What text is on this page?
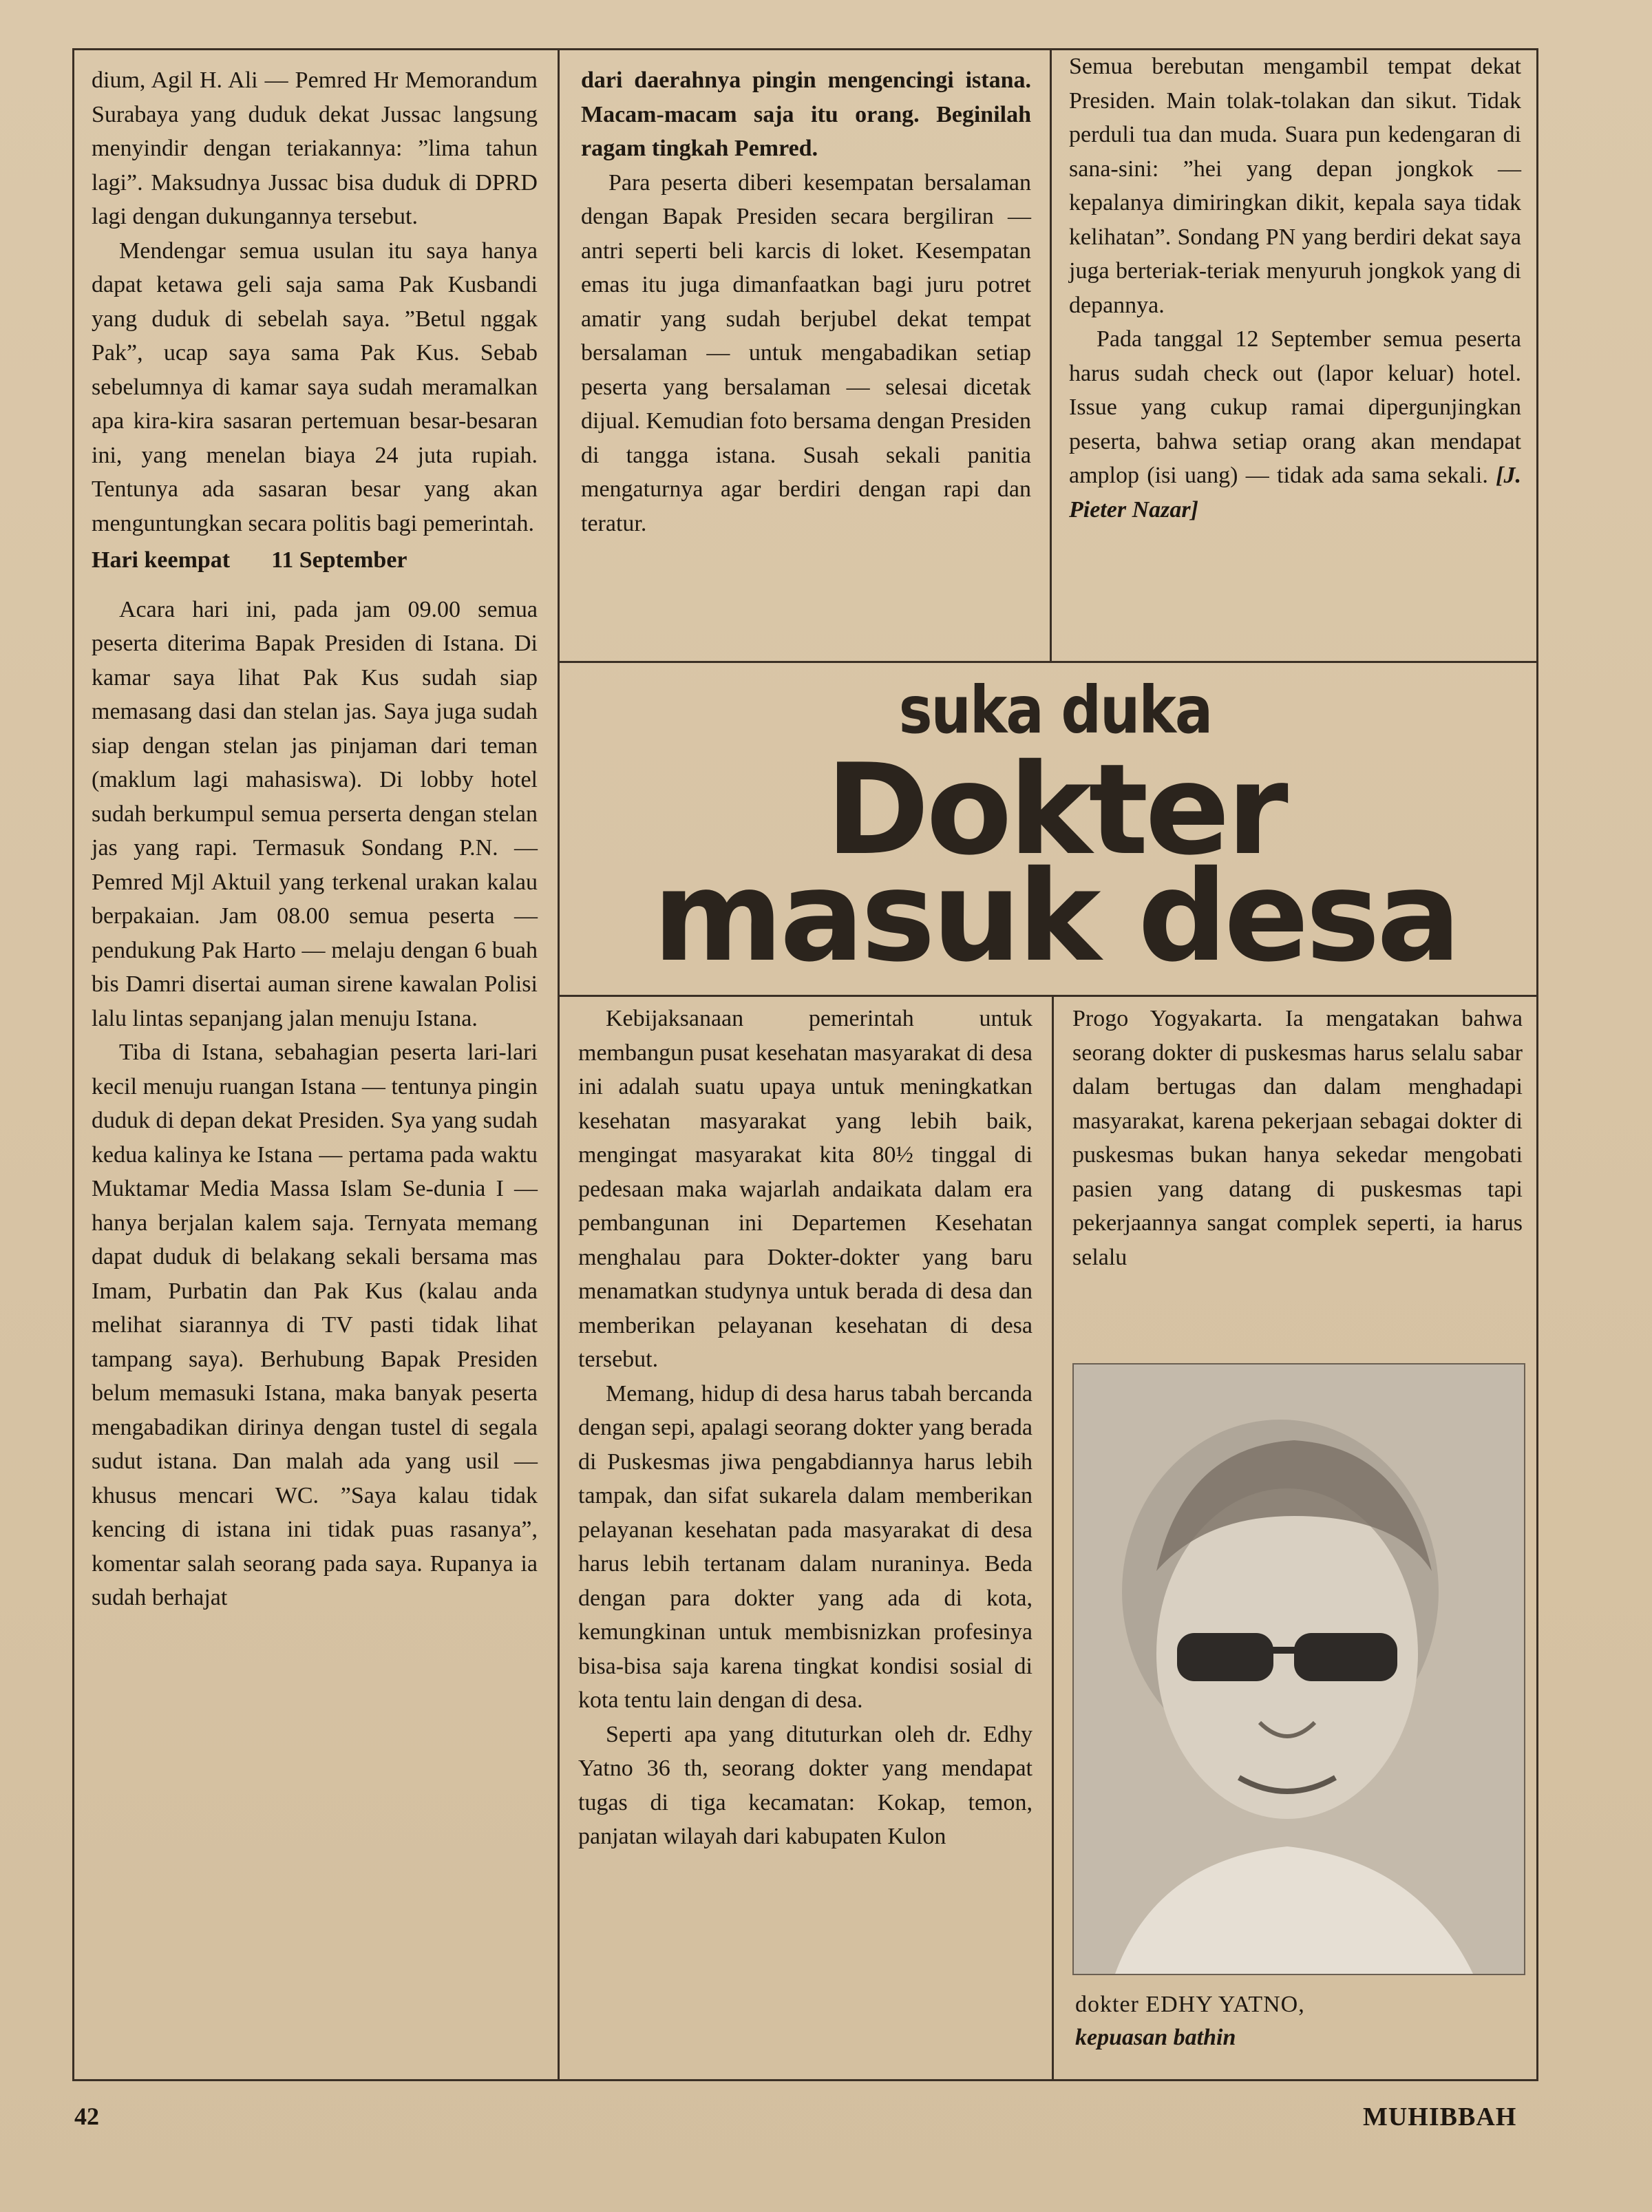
dium, Agil H. Ali — Pemred Hr Memorandum Surabaya yang duduk dekat Jussac langsung menyindir dengan teriakannya: ”lima tahun lagi”. Maksudnya Jussac bisa duduk di DPRD lagi dengan dukungannya tersebut.

Mendengar semua usulan itu saya hanya dapat ketawa geli saja sama Pak Kusbandi yang duduk di sebelah saya. ”Betul nggak Pak”, ucap saya sama Pak Kus. Sebab sebelumnya di kamar saya sudah meramalkan apa kira-kira sasaran pertemuan besar-besaran ini, yang menelan biaya 24 juta rupiah. Tentunya ada sasaran besar yang akan menguntungkan secara politis bagi pemerintah.

Hari keempat 11 September

Acara hari ini, pada jam 09.00 semua peserta diterima Bapak Presiden di Istana. Di kamar saya lihat Pak Kus sudah siap memasang dasi dan stelan jas. Saya juga sudah siap dengan stelan jas pinjaman dari teman (maklum lagi mahasiswa). Di lobby hotel sudah berkumpul semua perserta dengan stelan jas yang rapi. Termasuk Sondang P.N. — Pemred Mjl Aktuil yang terkenal urakan kalau berpakaian. Jam 08.00 semua peserta — pendukung Pak Harto — melaju dengan 6 buah bis Damri disertai auman sirene kawalan Polisi lalu lintas sepanjang jalan menuju Istana.

Tiba di Istana, sebahagian peserta lari-lari kecil menuju ruangan Istana — tentunya pingin duduk di depan dekat Presiden. Sya yang sudah kedua kalinya ke Istana — pertama pada waktu Muktamar Media Massa Islam Se-dunia I — hanya berjalan kalem saja. Ternyata memang dapat duduk di belakang sekali bersama mas Imam, Purbatin dan Pak Kus (kalau anda melihat siarannya di TV pasti tidak lihat tampang saya). Berhubung Bapak Presiden belum memasuki Istana, maka banyak peserta mengabadikan dirinya dengan tustel di segala sudut istana. Dan malah ada yang usil — khusus mencari WC. ”Saya kalau tidak kencing di istana ini tidak puas rasanya”, komentar salah seorang pada saya. Rupanya ia sudah berhajat

dari daerahnya pingin mengencingi istana. Macam-macam saja itu orang. Beginilah ragam tingkah Pemred.

Para peserta diberi kesempatan bersalaman dengan Bapak Presiden secara bergiliran — antri seperti beli karcis di loket. Kesempatan emas itu juga dimanfaatkan bagi juru potret amatir yang sudah berjubel dekat tempat bersalaman — untuk mengabadikan setiap peserta yang bersalaman — selesai dicetak dijual. Kemudian foto bersama dengan Presiden di tangga istana. Susah sekali panitia mengaturnya agar berdiri dengan rapi dan teratur.

Semua berebutan mengambil tempat dekat Presiden. Main tolak-tolakan dan sikut. Tidak perduli tua dan muda. Suara pun kedengaran di sana-sini: ”hei yang depan jongkok — kepalanya dimiringkan dikit, kepala saya tidak kelihatan”. Sondang PN yang berdiri dekat saya juga berteriak-teriak menyuruh jongkok yang di depannya.

Pada tanggal 12 September semua peserta harus sudah check out (lapor keluar) hotel. Issue yang cukup ramai dipergunjingkan peserta, bahwa setiap orang akan mendapat amplop (isi uang) — tidak ada sama sekali. [J. Pieter Nazar]

suka duka
Dokter
masuk desa

Kebijaksanaan pemerintah untuk membangun pusat kesehatan masyarakat di desa ini adalah suatu upaya untuk meningkatkan kesehatan masyarakat yang lebih baik, mengingat masyarakat kita 80½ tinggal di pedesaan maka wajarlah andaikata dalam era pembangunan ini Departemen Kesehatan menghalau para Dokter-dokter yang baru menamatkan studynya untuk berada di desa dan memberikan pelayanan kesehatan di desa tersebut.

Memang, hidup di desa harus tabah bercanda dengan sepi, apalagi seorang dokter yang berada di Puskesmas jiwa pengabdiannya harus lebih tampak, dan sifat sukarela dalam memberikan pelayanan kesehatan pada masyarakat di desa harus lebih tertanam dalam nuraninya. Beda dengan para dokter yang ada di kota, kemungkinan untuk membisnizkan profesinya bisa-bisa saja karena tingkat kondisi sosial di kota tentu lain dengan di desa.

Seperti apa yang dituturkan oleh dr. Edhy Yatno 36 th, seorang dokter yang mendapat tugas di tiga kecamatan: Kokap, temon, panjatan wilayah dari kabupaten Kulon

Progo Yogyakarta. Ia mengatakan bahwa seorang dokter di puskesmas harus selalu sabar dalam bertugas dan dalam menghadapi masyarakat, karena pekerjaan sebagai dokter di puskesmas bukan hanya sekedar mengobati pasien yang datang di puskesmas tapi pekerjaannya sangat complek seperti, ia harus selalu

dokter EDHY YATNO,
kepuasan bathin
42	MUHIBBAH
